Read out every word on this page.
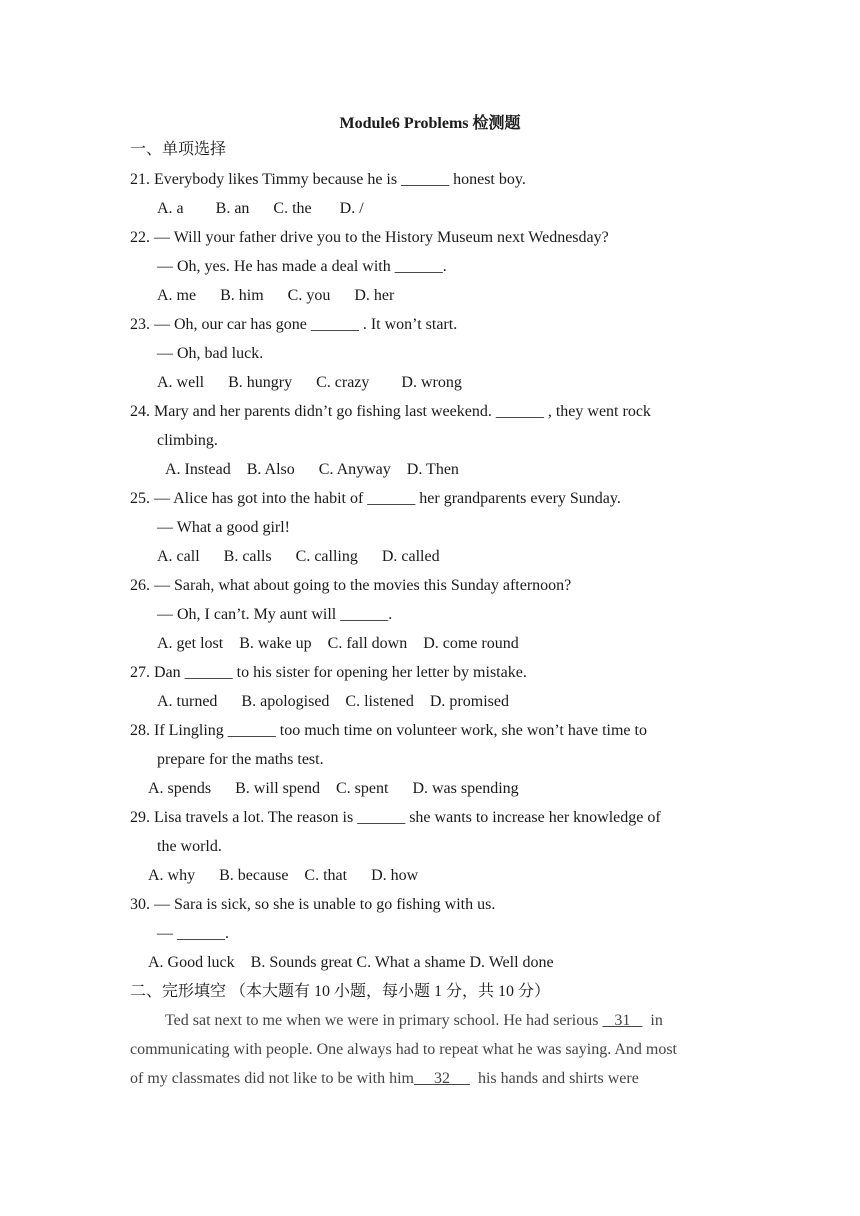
Module6 Problems 检测题
一、单项选择
21. Everybody likes Timmy because he is ______ honest boy.
A. a        B. an      C. the       D. /
22. — Will your father drive you to the History Museum next Wednesday?
— Oh, yes. He has made a deal with ______.
A. me      B. him      C. you      D. her
23. — Oh, our car has gone ______ . It won’t start.
— Oh, bad luck.
A. well      B. hungry      C. crazy        D. wrong
24. Mary and her parents didn’t go fishing last weekend. ______ , they went rock
climbing.
A. Instead    B. Also      C. Anyway    D. Then
25. — Alice has got into the habit of ______ her grandparents every Sunday.
— What a good girl!
A. call      B. calls      C. calling      D. called
26. — Sarah, what about going to the movies this Sunday afternoon?
— Oh, I can’t. My aunt will ______.
A. get lost    B. wake up    C. fall down    D. come round
27. Dan ______ to his sister for opening her letter by mistake.
A. turned      B. apologised    C. listened    D. promised
28. If Lingling ______ too much time on volunteer work, she won’t have time to
prepare for the maths test.
A. spends      B. will spend    C. spent      D. was spending
29. Lisa travels a lot. The reason is ______ she wants to increase her knowledge of
the world.
A. why      B. because    C. that      D. how
30. — Sara is sick, so she is unable to go fishing with us.
— ______.
A. Good luck    B. Sounds great C. What a shame D. Well done
二、完形填空 （本大题有 10 小题，每小题 1 分，共 10 分）
Ted sat next to me when we were in primary school. He had serious    31     in
communicating with people. One always had to repeat what he was saying. And most
of my classmates did not like to be with him     32       his hands and shirts were
